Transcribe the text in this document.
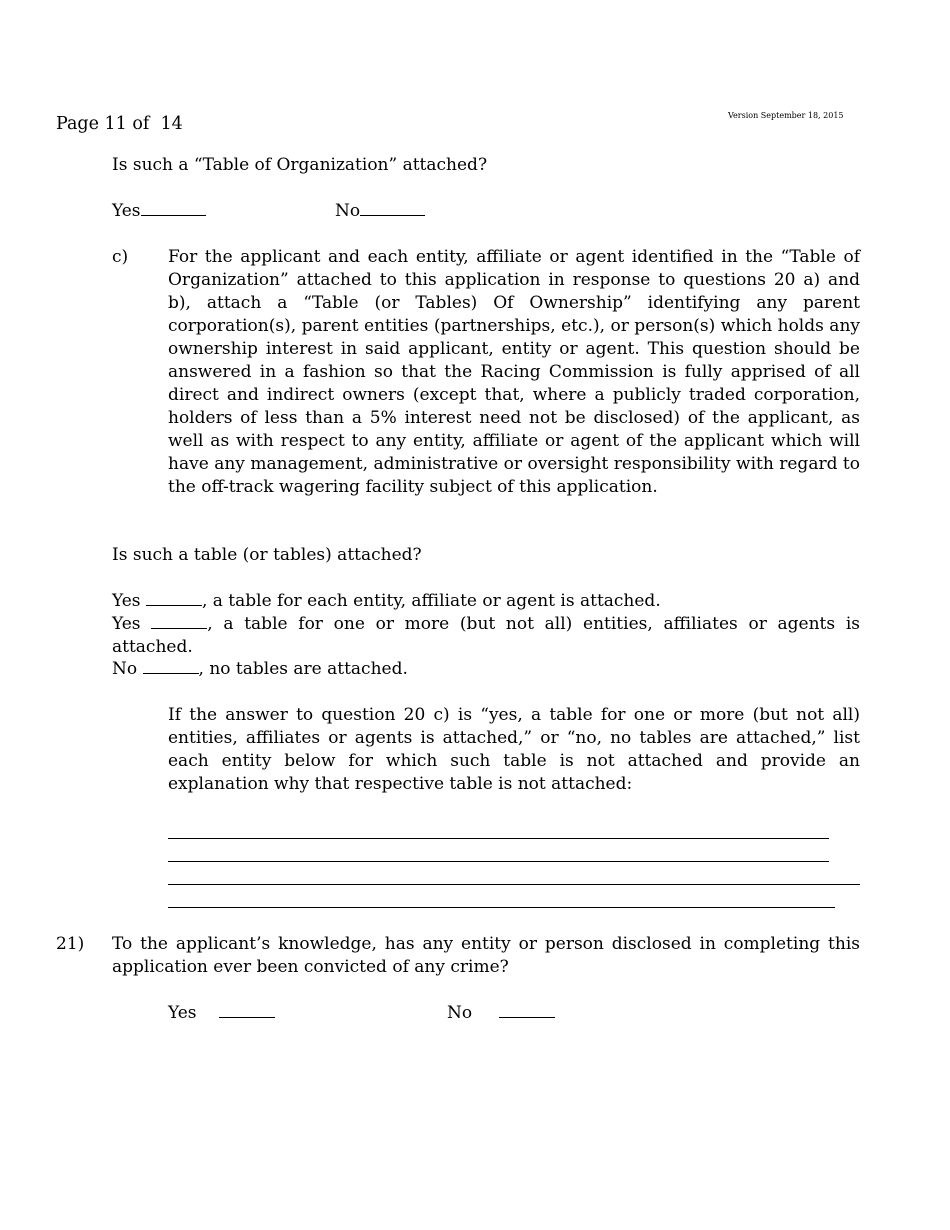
Page 11 of  14	Version September 18, 2015
Is such a “Table of Organization” attached?
Yes	No
c) For the applicant and each entity, affiliate or agent identified in the “Table of Organization” attached to this application in response to questions 20 a) and b), attach a “Table (or Tables) Of Ownership” identifying any parent corporation(s), parent entities (partnerships, etc.), or person(s) which holds any ownership interest in said applicant, entity or agent. This question should be answered in a fashion so that the Racing Commission is fully apprised of all direct and indirect owners (except that, where a publicly traded corporation, holders of less than a 5% interest need not be disclosed) of the applicant, as well as with respect to any entity, affiliate or agent of the applicant which will have any management, administrative or oversight responsibility with regard to the off-track wagering facility subject of this application.
Is such a table (or tables) attached?
Yes	, a table for each entity, affiliate or agent is attached.
Yes	, a table for one or more (but not all) entities, affiliates or agents is attached.
No	, no tables are attached.
If the answer to question 20 c) is “yes, a table for one or more (but not all) entities, affiliates or agents is attached,” or “no, no tables are attached,” list each entity below for which such table is not attached and provide an explanation why that respective table is not attached:
21) To the applicant’s knowledge, has any entity or person disclosed in completing this application ever been convicted of any crime?
Yes	No
